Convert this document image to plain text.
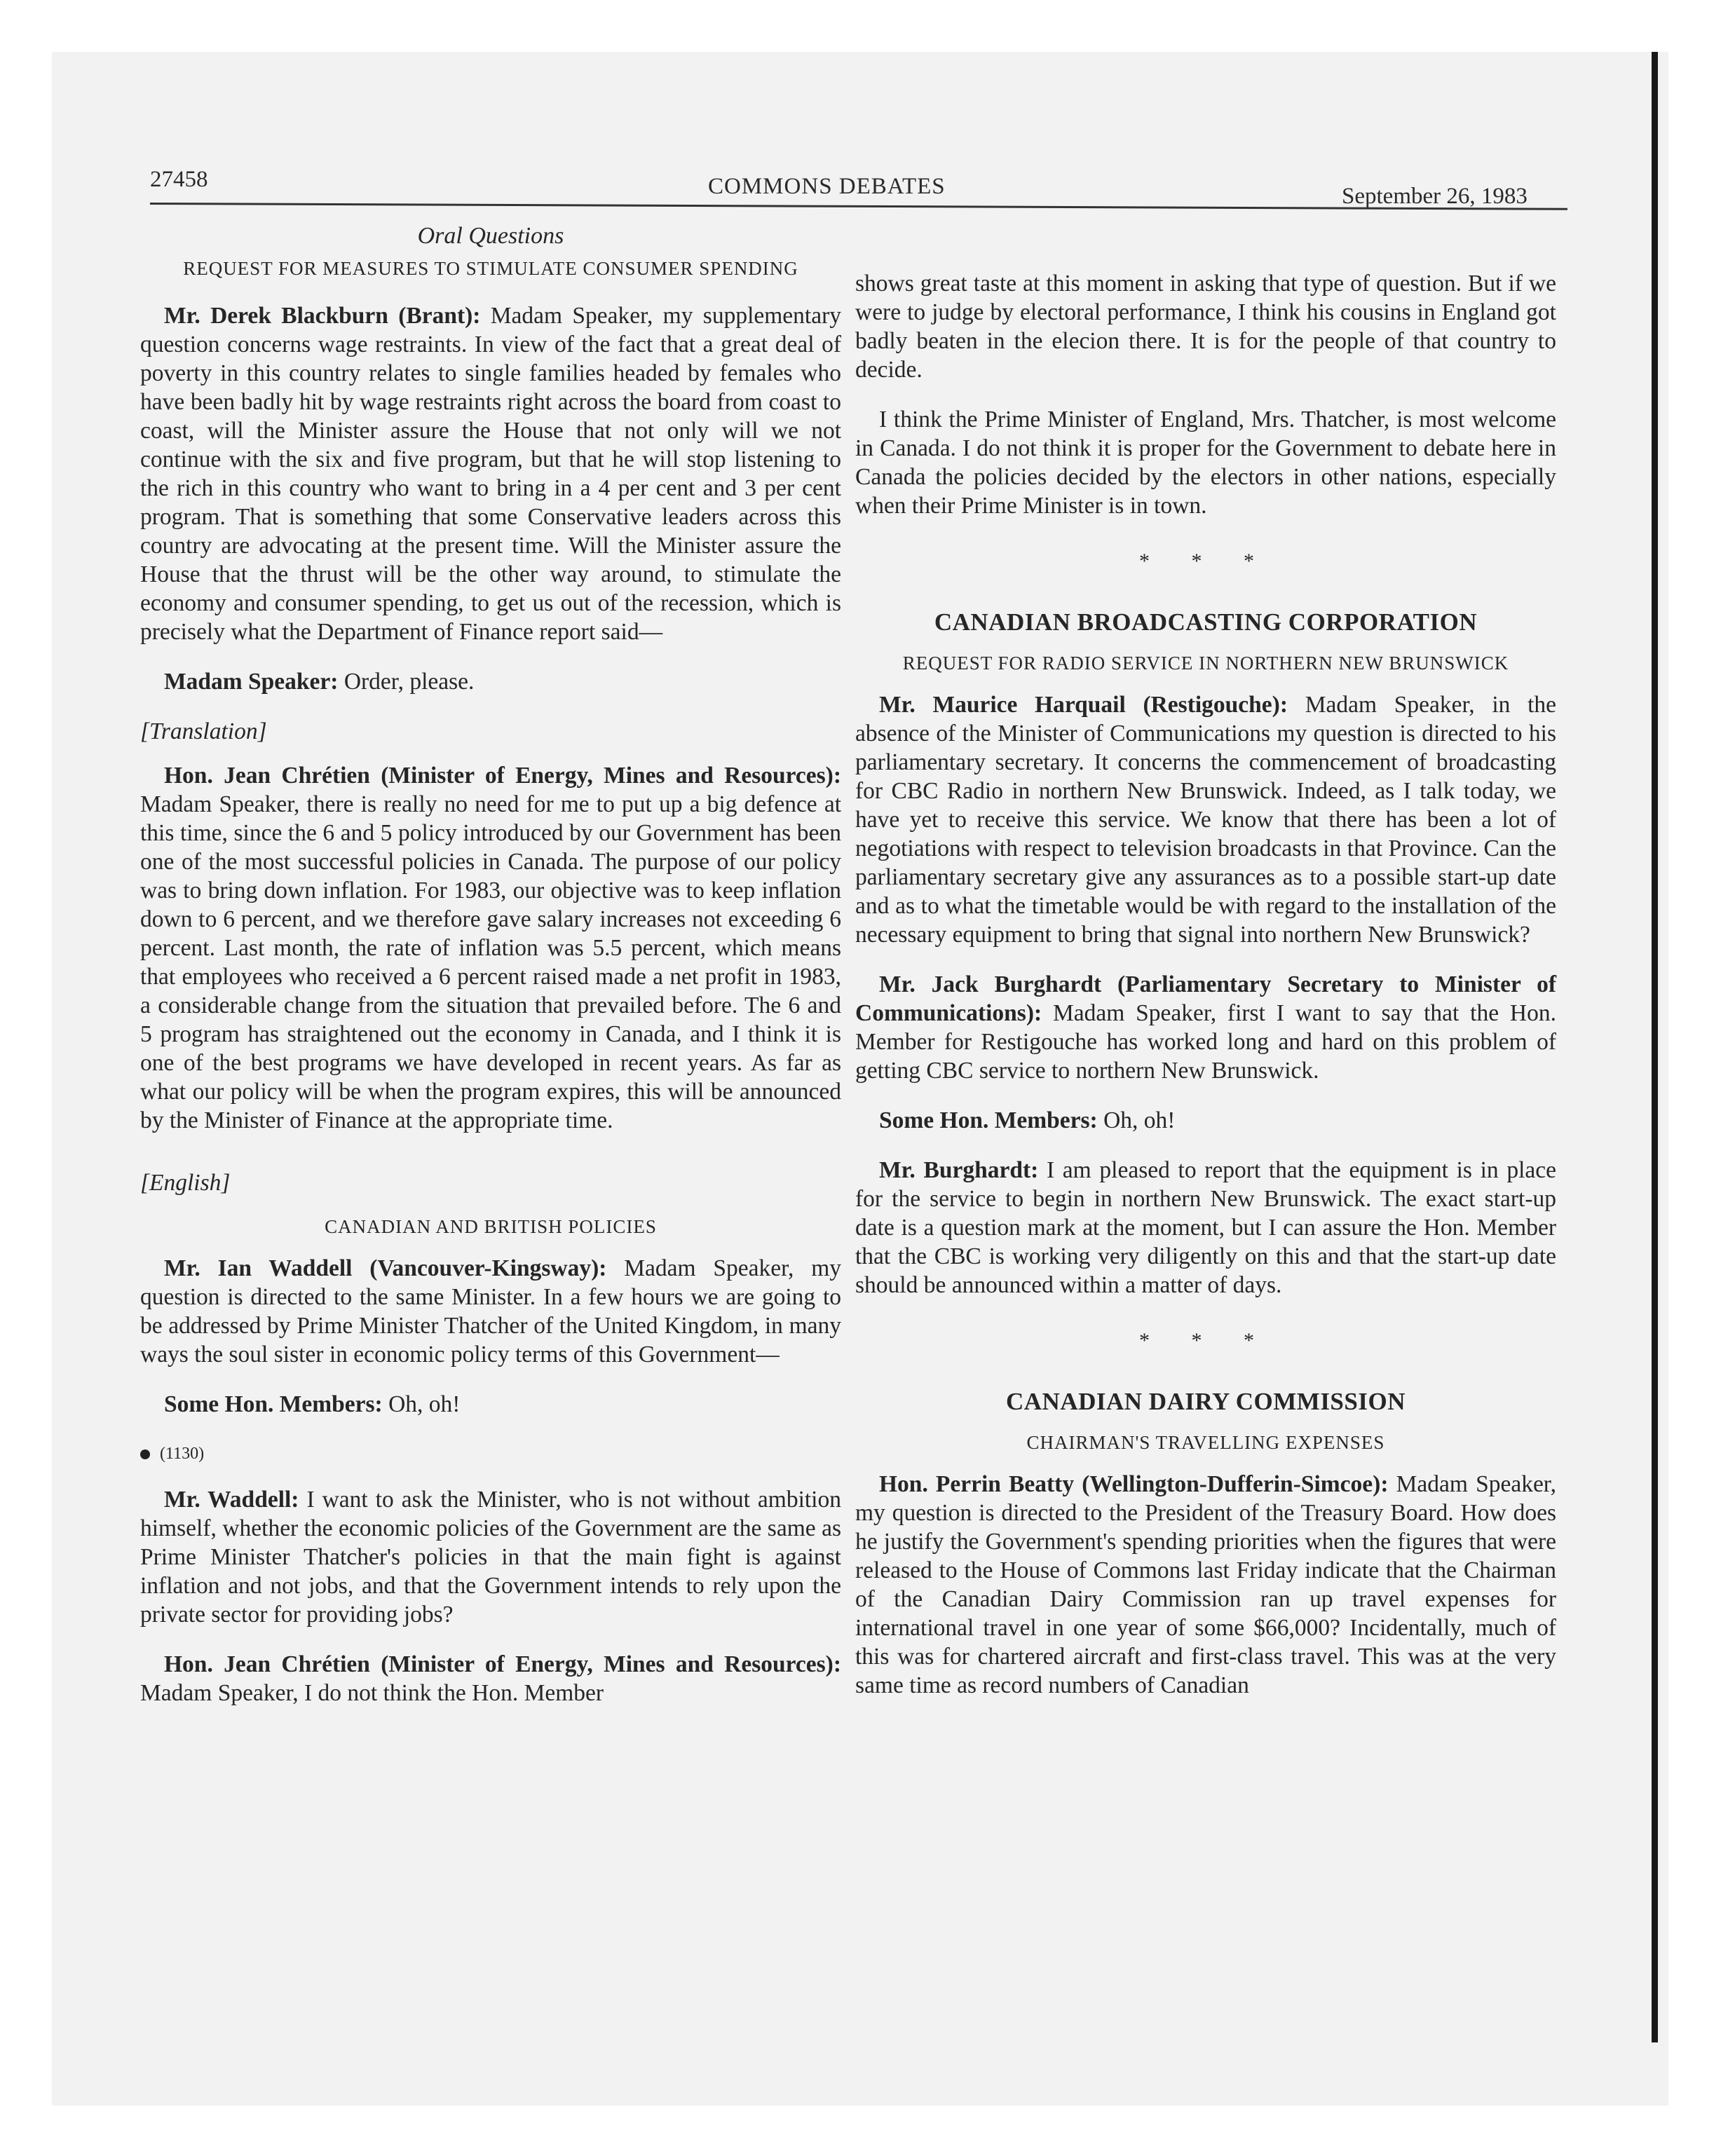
27458	COMMONS DEBATES	September 26, 1983
Oral Questions
REQUEST FOR MEASURES TO STIMULATE CONSUMER SPENDING

Mr. Derek Blackburn (Brant): Madam Speaker, my supplementary question concerns wage restraints. In view of the fact that a great deal of poverty in this country relates to single families headed by females who have been badly hit by wage restraints right across the board from coast to coast, will the Minister assure the House that not only will we not continue with the six and five program, but that he will stop listening to the rich in this country who want to bring in a 4 per cent and 3 per cent program. That is something that some Conservative leaders across this country are advocating at the present time. Will the Minister assure the House that the thrust will be the other way around, to stimulate the economy and consumer spending, to get us out of the recession, which is precisely what the Department of Finance report said—

Madam Speaker: Order, please.

[Translation]

Hon. Jean Chrétien (Minister of Energy, Mines and Resources): Madam Speaker, there is really no need for me to put up a big defence at this time, since the 6 and 5 policy introduced by our Government has been one of the most successful policies in Canada. The purpose of our policy was to bring down inflation. For 1983, our objective was to keep inflation down to 6 percent, and we therefore gave salary increases not exceeding 6 percent. Last month, the rate of inflation was 5.5 percent, which means that employees who received a 6 percent raised made a net profit in 1983, a considerable change from the situation that prevailed before. The 6 and 5 program has straightened out the economy in Canada, and I think it is one of the best programs we have developed in recent years. As far as what our policy will be when the program expires, this will be announced by the Minister of Finance at the appropriate time.

[English]
CANADIAN AND BRITISH POLICIES

Mr. Ian Waddell (Vancouver-Kingsway): Madam Speaker, my question is directed to the same Minister. In a few hours we are going to be addressed by Prime Minister Thatcher of the United Kingdom, in many ways the soul sister in economic policy terms of this Government—

Some Hon. Members: Oh, oh!

(1130)

Mr. Waddell: I want to ask the Minister, who is not without ambition himself, whether the economic policies of the Government are the same as Prime Minister Thatcher's policies in that the main fight is against inflation and not jobs, and that the Government intends to rely upon the private sector for providing jobs?

Hon. Jean Chrétien (Minister of Energy, Mines and Resources): Madam Speaker, I do not think the Hon. Member

shows great taste at this moment in asking that type of question. But if we were to judge by electoral performance, I think his cousins in England got badly beaten in the elecion there. It is for the people of that country to decide.

I think the Prime Minister of England, Mrs. Thatcher, is most welcome in Canada. I do not think it is proper for the Government to debate here in Canada the policies decided by the electors in other nations, especially when their Prime Minister is in town.

* * *
CANADIAN BROADCASTING CORPORATION
REQUEST FOR RADIO SERVICE IN NORTHERN NEW BRUNSWICK

Mr. Maurice Harquail (Restigouche): Madam Speaker, in the absence of the Minister of Communications my question is directed to his parliamentary secretary. It concerns the commencement of broadcasting for CBC Radio in northern New Brunswick. Indeed, as I talk today, we have yet to receive this service. We know that there has been a lot of negotiations with respect to television broadcasts in that Province. Can the parliamentary secretary give any assurances as to a possible start-up date and as to what the timetable would be with regard to the installation of the necessary equipment to bring that signal into northern New Brunswick?

Mr. Jack Burghardt (Parliamentary Secretary to Minister of Communications): Madam Speaker, first I want to say that the Hon. Member for Restigouche has worked long and hard on this problem of getting CBC service to northern New Brunswick.

Some Hon. Members: Oh, oh!

Mr. Burghardt: I am pleased to report that the equipment is in place for the service to begin in northern New Brunswick. The exact start-up date is a question mark at the moment, but I can assure the Hon. Member that the CBC is working very diligently on this and that the start-up date should be announced within a matter of days.

* * *
CANADIAN DAIRY COMMISSION
CHAIRMAN'S TRAVELLING EXPENSES

Hon. Perrin Beatty (Wellington-Dufferin-Simcoe): Madam Speaker, my question is directed to the President of the Treasury Board. How does he justify the Government's spending priorities when the figures that were released to the House of Commons last Friday indicate that the Chairman of the Canadian Dairy Commission ran up travel expenses for international travel in one year of some $66,000? Incidentally, much of this was for chartered aircraft and first-class travel. This was at the very same time as record numbers of Canadian
